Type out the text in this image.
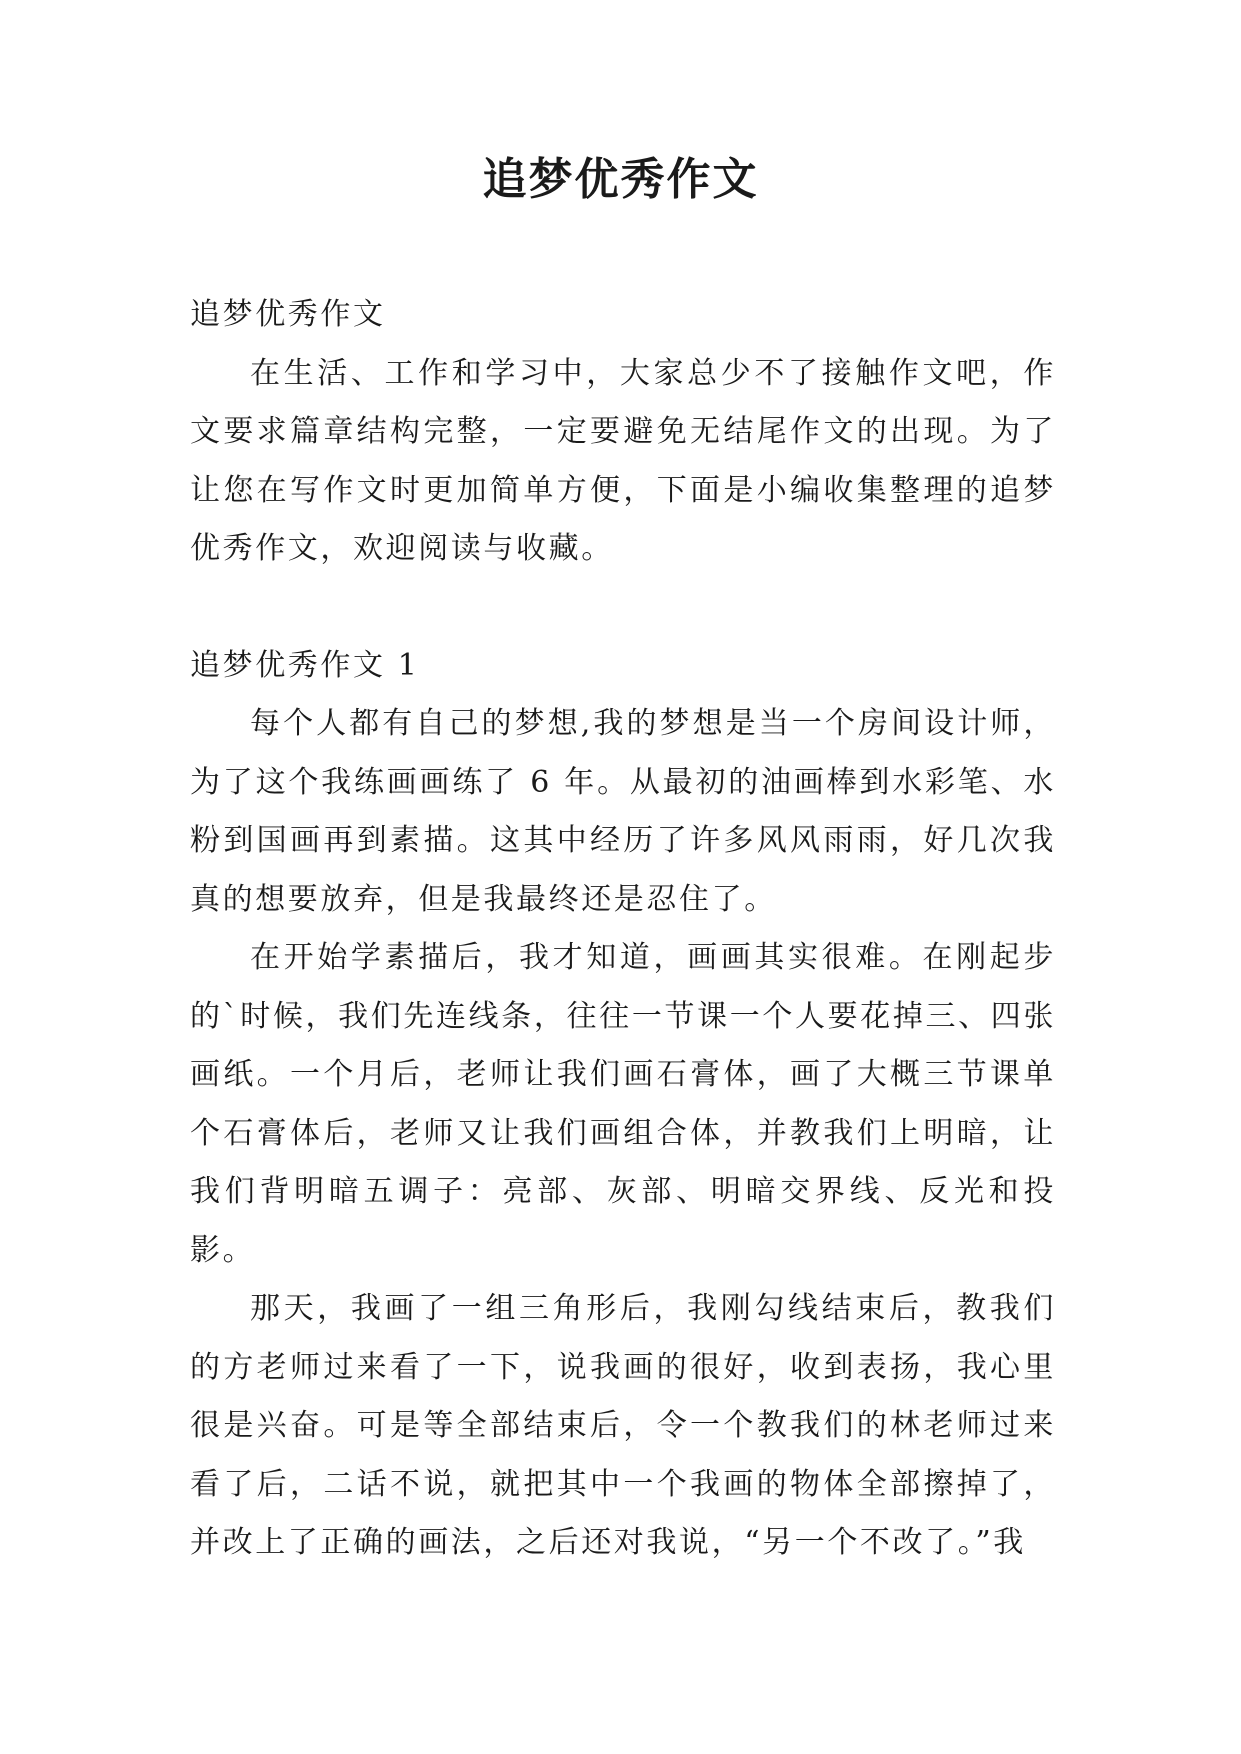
追梦优秀作文

追梦优秀作文

在生活、工作和学习中，大家总少不了接触作文吧，作文要求篇章结构完整，一定要避免无结尾作文的出现。为了让您在写作文时更加简单方便，下面是小编收集整理的追梦优秀作文，欢迎阅读与收藏。

追梦优秀作文 1

每个人都有自己的梦想,我的梦想是当一个房间设计师，为了这个我练画画练了 6 年。从最初的油画棒到水彩笔、水粉到国画再到素描。这其中经历了许多风风雨雨，好几次我真的想要放弃，但是我最终还是忍住了。

在开始学素描后，我才知道，画画其实很难。在刚起步的`时候，我们先连线条，往往一节课一个人要花掉三、四张画纸。一个月后，老师让我们画石膏体，画了大概三节课单个石膏体后，老师又让我们画组合体，并教我们上明暗，让我们背明暗五调子：亮部、灰部、明暗交界线、反光和投影。

那天，我画了一组三角形后，我刚勾线结束后，教我们的方老师过来看了一下，说我画的很好，收到表扬，我心里很是兴奋。可是等全部结束后，令一个教我们的林老师过来看了后，二话不说，就把其中一个我画的物体全部擦掉了，并改上了正确的画法，之后还对我说，“另一个不改了。”我
